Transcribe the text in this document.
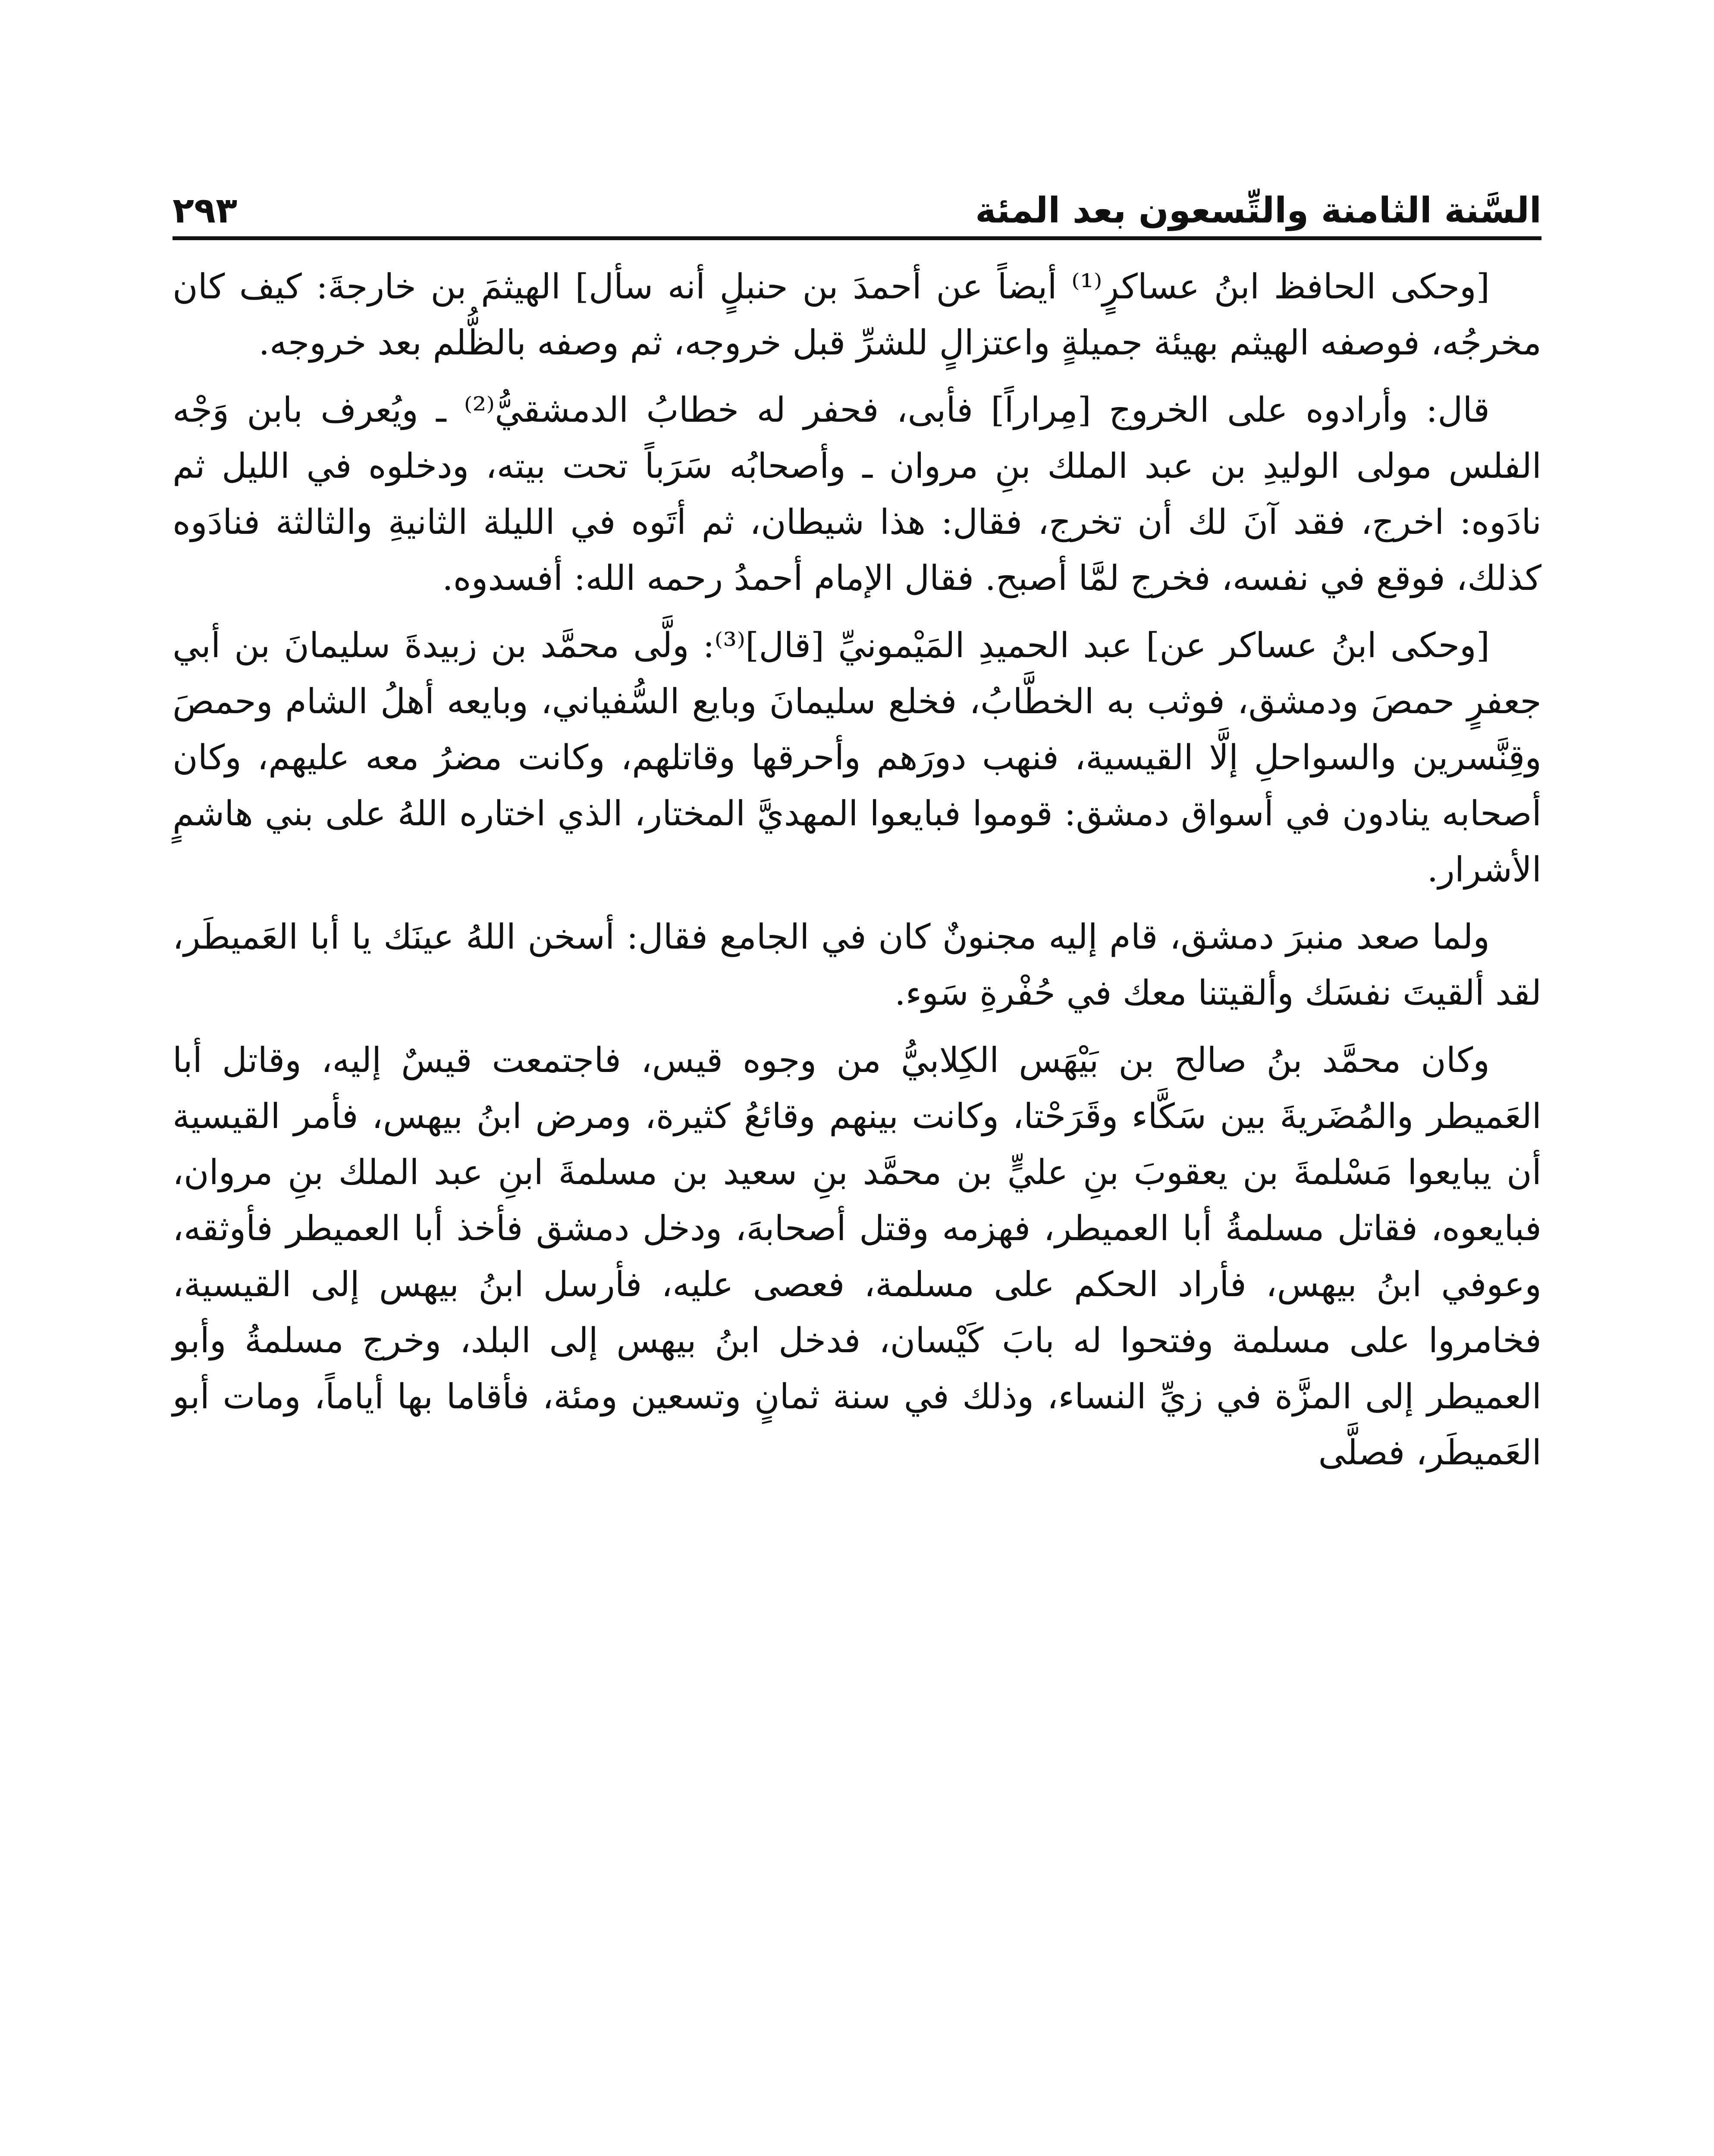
السَّنة الثامنة والتِّسعون بعد المئة
٢٩٣

[وحكى الحافظ ابنُ عساكرٍ⁽¹⁾ أيضاً عن أحمدَ بن حنبلٍ أنه سأل] الهيثمَ بن خارجةَ: كيف كان مخرجُه، فوصفه الهيثم بهيئة جميلةٍ واعتزالٍ للشرِّ قبل خروجه، ثم وصفه بالظُّلم بعد خروجه.

قال: وأرادوه على الخروج [مِراراً] فأبى، فحفر له خطابُ الدمشقيُّ⁽²⁾ ـ ويُعرف بابن وَجْه الفلس مولى الوليدِ بن عبد الملك بنِ مروان ـ وأصحابُه سَرَباً تحت بيته، ودخلوه في الليل ثم نادَوه: اخرج، فقد آنَ لك أن تخرج، فقال: هذا شيطان، ثم أتَوه في الليلة الثانيةِ والثالثة فنادَوه كذلك، فوقع في نفسه، فخرج لمَّا أصبح. فقال الإمام أحمدُ رحمه الله: أفسدوه.

[وحكى ابنُ عساكر عن] عبد الحميدِ المَيْمونيِّ [قال]⁽³⁾: ولَّى محمَّد بن زبيدةَ سليمانَ بن أبي جعفرٍ حمصَ ودمشق، فوثب به الخطَّابُ، فخلع سليمانَ وبايع السُّفياني، وبايعه أهلُ الشام وحمصَ وقِنَّسرين والسواحلِ إلَّا القيسية، فنهب دورَهم وأحرقها وقاتلهم، وكانت مضرُ معه عليهم، وكان أصحابه ينادون في أسواق دمشق: قوموا فبايعوا المهديَّ المختار، الذي اختاره اللهُ على بني هاشمٍ الأشرار.

ولما صعد منبرَ دمشق، قام إليه مجنونٌ كان في الجامع فقال: أسخن اللهُ عينَك يا أبا العَميطَر، لقد ألقيتَ نفسَك وألقيتنا معك في حُفْرةِ سَوء.

وكان محمَّد بنُ صالح بن بَيْهَس الكِلابيُّ من وجوه قيس، فاجتمعت قيسٌ إليه، وقاتل أبا العَميطر والمُضَريةَ بين سَكَّاء وقَرَحْتا، وكانت بينهم وقائعُ كثيرة، ومرض ابنُ بيهس، فأمر القيسية أن يبايعوا مَسْلمةَ بن يعقوبَ بنِ عليٍّ بن محمَّد بنِ سعيد بن مسلمةَ ابنِ عبد الملك بنِ مروان، فبايعوه، فقاتل مسلمةُ أبا العميطر، فهزمه وقتل أصحابهَ، ودخل دمشق فأخذ أبا العميطر فأوثقه، وعوفي ابنُ بيهس، فأراد الحكم على مسلمة، فعصى عليه، فأرسل ابنُ بيهس إلى القيسية، فخامروا على مسلمة وفتحوا له بابَ كَيْسان، فدخل ابنُ بيهس إلى البلد، وخرج مسلمةُ وأبو العميطر إلى المزَّة في زيِّ النساء، وذلك في سنة ثمانٍ وتسعين ومئة، فأقاما بها أياماً، ومات أبو العَميطَر، فصلَّى
